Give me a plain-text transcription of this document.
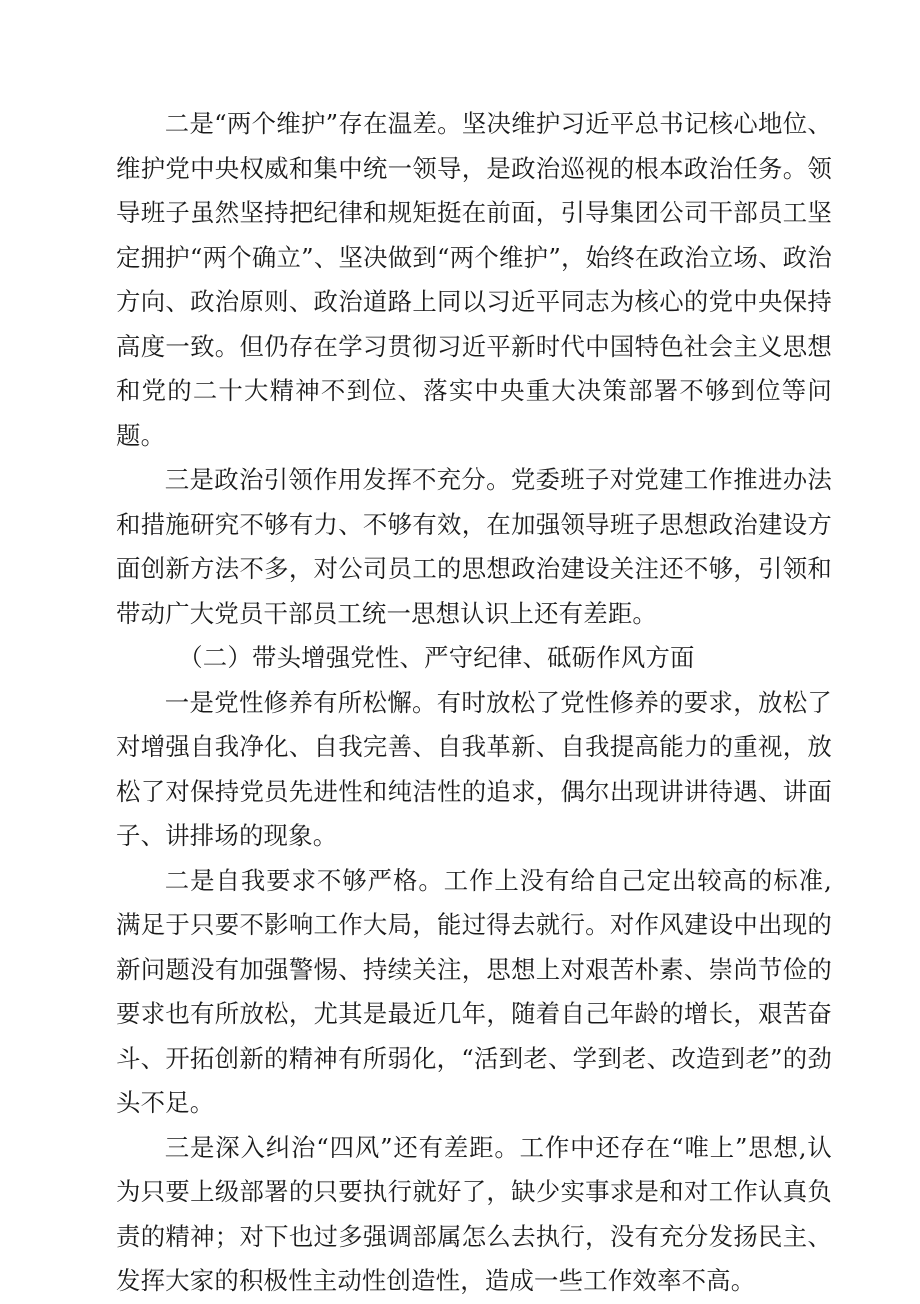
二是“两个维护”存在温差。坚决维护习近平总书记核心地位、维护党中央权威和集中统一领导，是政治巡视的根本政治任务。领导班子虽然坚持把纪律和规矩挺在前面，引导集团公司干部员工坚定拥护“两个确立”、坚决做到“两个维护”，始终在政治立场、政治方向、政治原则、政治道路上同以习近平同志为核心的党中央保持高度一致。但仍存在学习贯彻习近平新时代中国特色社会主义思想和党的二十大精神不到位、落实中央重大决策部署不够到位等问题。

三是政治引领作用发挥不充分。党委班子对党建工作推进办法和措施研究不够有力、不够有效，在加强领导班子思想政治建设方面创新方法不多，对公司员工的思想政治建设关注还不够，引领和带动广大党员干部员工统一思想认识上还有差距。

（二）带头增强党性、严守纪律、砥砺作风方面

一是党性修养有所松懈。有时放松了党性修养的要求，放松了对增强自我净化、自我完善、自我革新、自我提高能力的重视，放松了对保持党员先进性和纯洁性的追求，偶尔出现讲讲待遇、讲面子、讲排场的现象。

二是自我要求不够严格。工作上没有给自己定出较高的标准,满足于只要不影响工作大局，能过得去就行。对作风建设中出现的新问题没有加强警惕、持续关注，思想上对艰苦朴素、崇尚节俭的要求也有所放松，尤其是最近几年，随着自己年龄的增长，艰苦奋斗、开拓创新的精神有所弱化，“活到老、学到老、改造到老”的劲头不足。

三是深入纠治“四风”还有差距。工作中还存在“唯上”思想,认为只要上级部署的只要执行就好了，缺少实事求是和对工作认真负责的精神；对下也过多强调部属怎么去执行，没有充分发扬民主、发挥大家的积极性主动性创造性，造成一些工作效率不高。
